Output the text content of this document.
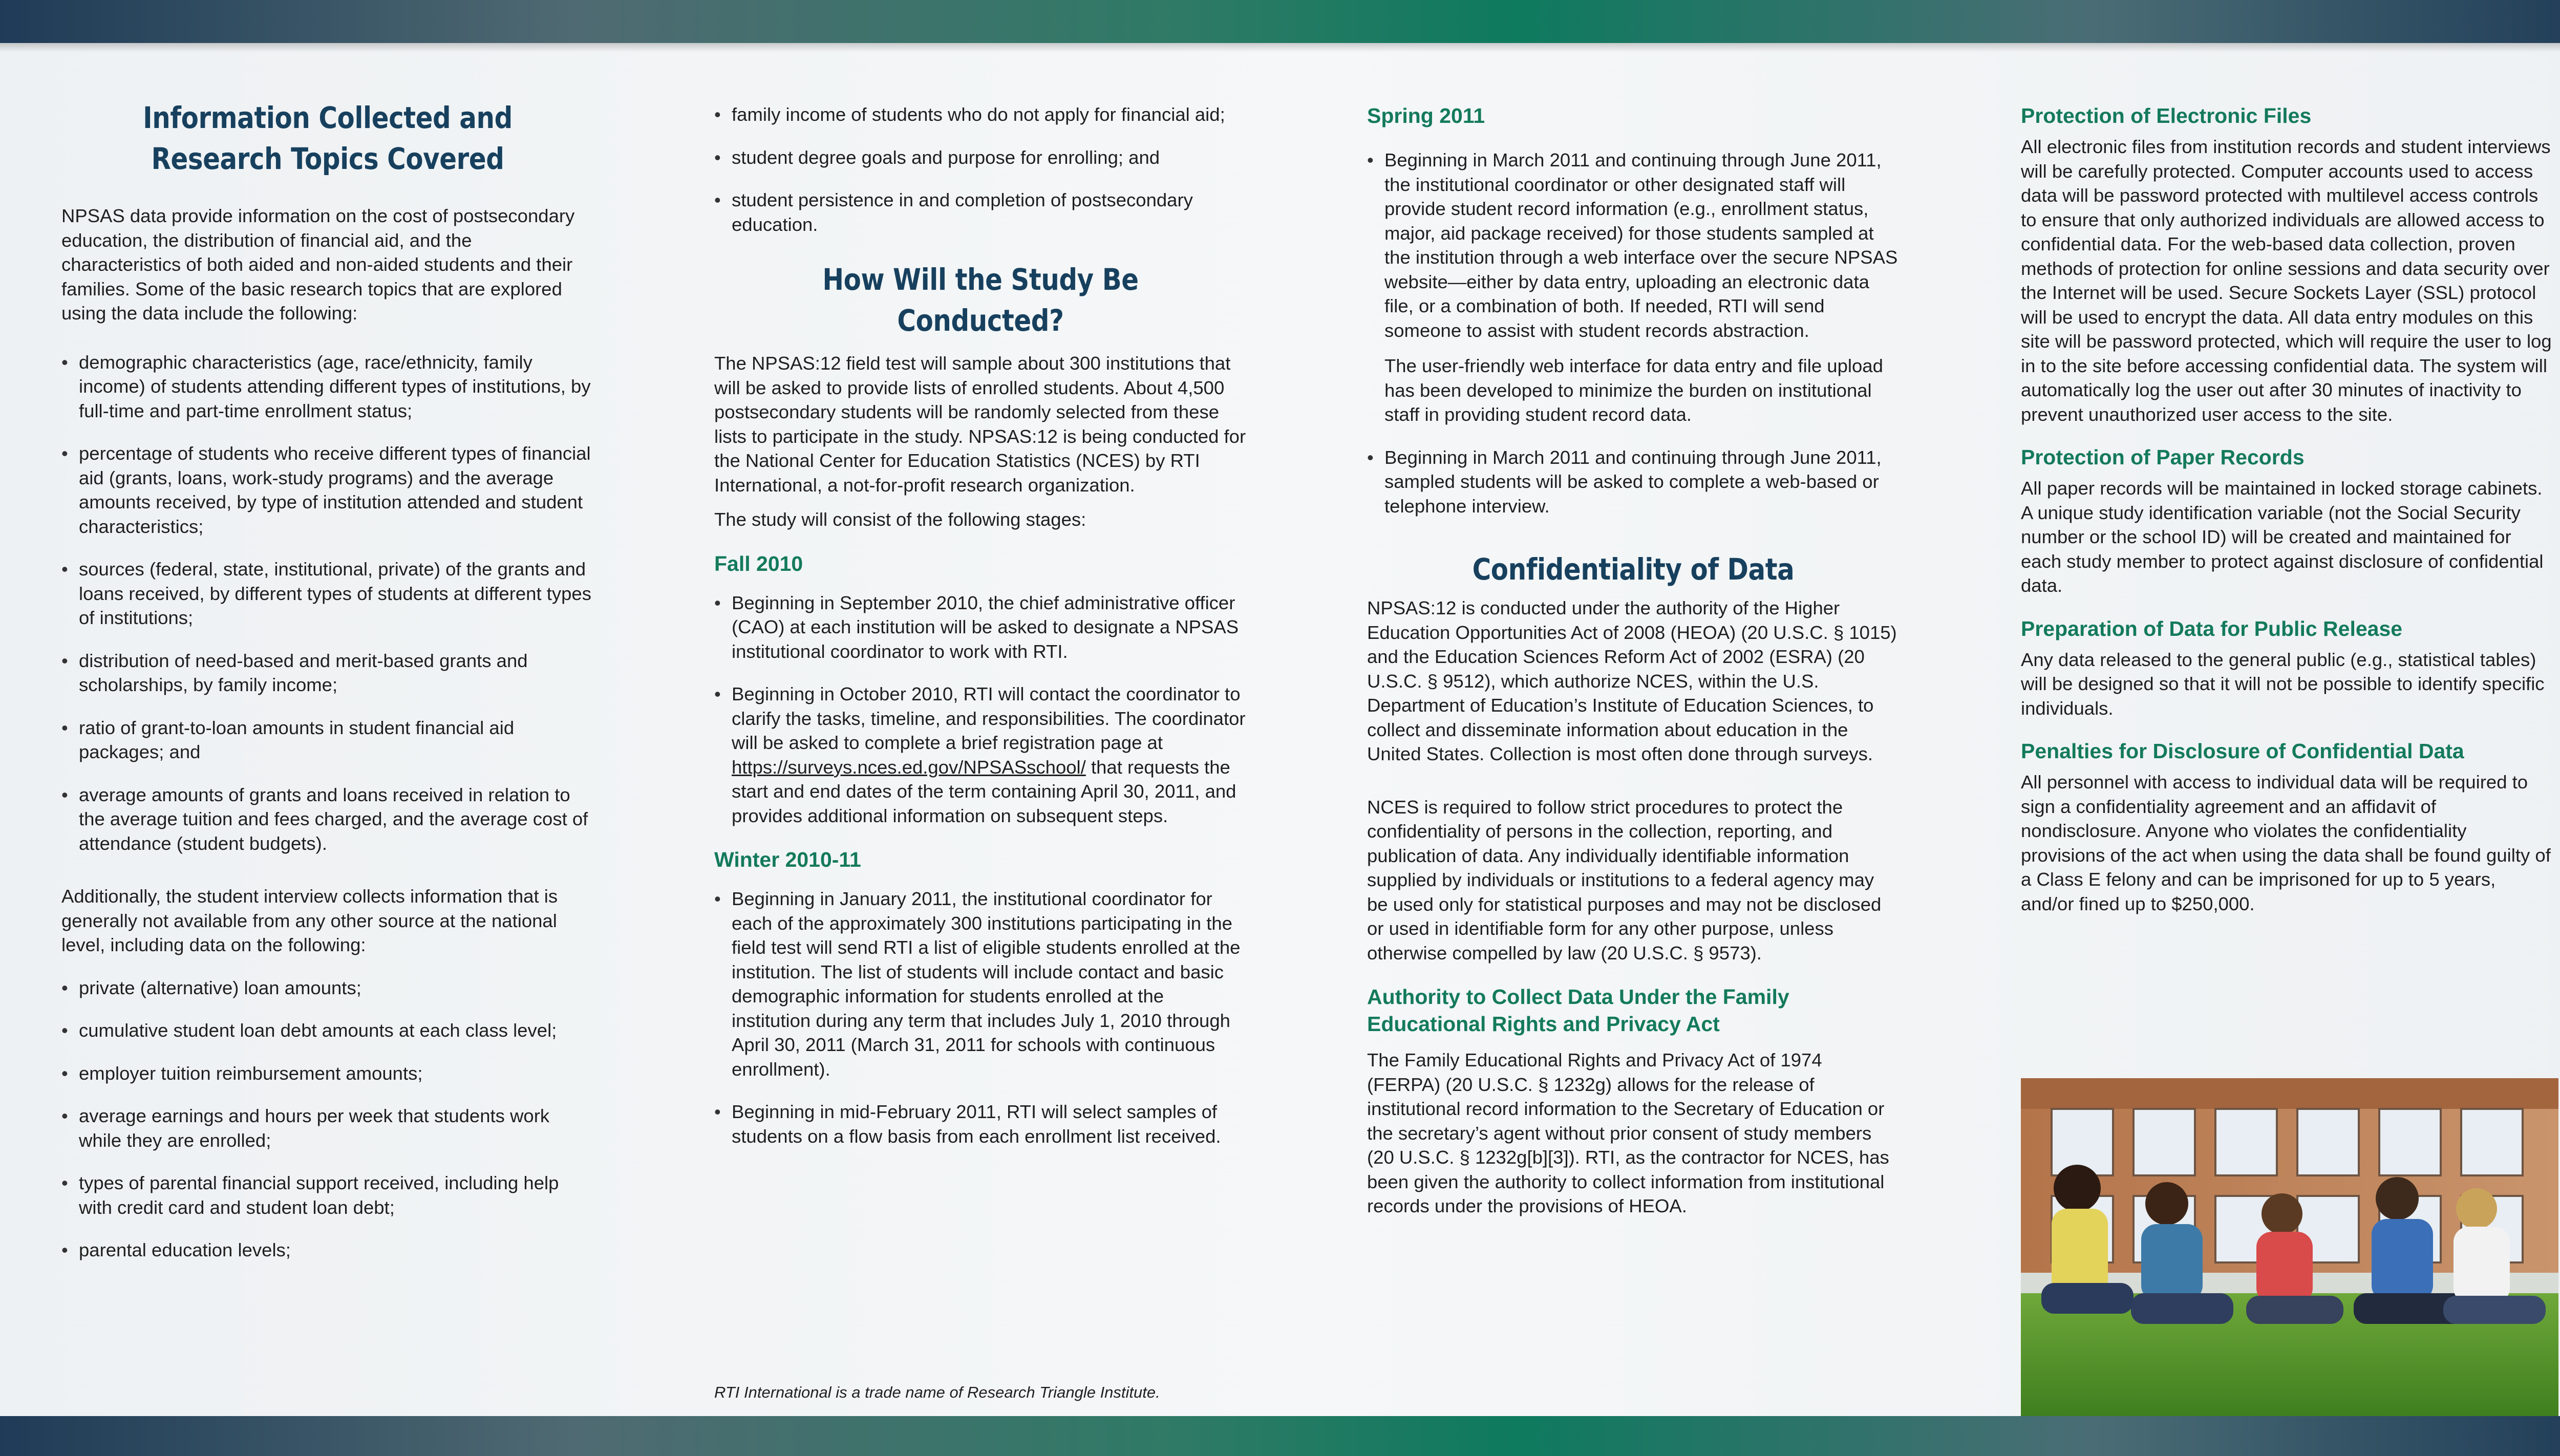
Information Collected and Research Topics Covered

NPSAS data provide information on the cost of postsecondary education, the distribution of financial aid, and the characteristics of both aided and non-aided students and their families. Some of the basic research topics that are explored using the data include the following:

• demographic characteristics (age, race/ethnicity, family income) of students attending different types of institutions, by full-time and part-time enrollment status;
• percentage of students who receive different types of financial aid (grants, loans, work-study programs) and the average amounts received, by type of institution attended and student characteristics;
• sources (federal, state, institutional, private) of the grants and loans received, by different types of students at different types of institutions;
• distribution of need-based and merit-based grants and scholarships, by family income;
• ratio of grant-to-loan amounts in student financial aid packages; and
• average amounts of grants and loans received in relation to the average tuition and fees charged, and the average cost of attendance (student budgets).

Additionally, the student interview collects information that is generally not available from any other source at the national level, including data on the following:

• private (alternative) loan amounts;
• cumulative student loan debt amounts at each class level;
• employer tuition reimbursement amounts;
• average earnings and hours per week that students work while they are enrolled;
• types of parental financial support received, including help with credit card and student loan debt;
• parental education levels;
• family income of students who do not apply for financial aid;
• student degree goals and purpose for enrolling; and
• student persistence in and completion of postsecondary education.
How Will the Study Be Conducted?

The NPSAS:12 field test will sample about 300 institutions that will be asked to provide lists of enrolled students. About 4,500 postsecondary students will be randomly selected from these lists to participate in the study. NPSAS:12 is being conducted for the National Center for Education Statistics (NCES) by RTI International, a not-for-profit research organization.

The study will consist of the following stages:

Fall 2010
• Beginning in September 2010, the chief administrative officer (CAO) at each institution will be asked to designate a NPSAS institutional coordinator to work with RTI.
• Beginning in October 2010, RTI will contact the coordinator to clarify the tasks, timeline, and responsibilities. The coordinator will be asked to complete a brief registration page at https://surveys.nces.ed.gov/NPSASschool/ that requests the start and end dates of the term containing April 30, 2011, and provides additional information on subsequent steps.
Winter 2010-11
• Beginning in January 2011, the institutional coordinator for each of the approximately 300 institutions participating in the field test will send RTI a list of eligible students enrolled at the institution. The list of students will include contact and basic demographic information for students enrolled at the institution during any term that includes July 1, 2010 through April 30, 2011 (March 31, 2011 for schools with continuous enrollment).
• Beginning in mid-February 2011, RTI will select samples of students on a flow basis from each enrollment list received.

RTI International is a trade name of Research Triangle Institute.

Spring 2011
• Beginning in March 2011 and continuing through June 2011, the institutional coordinator or other designated staff will provide student record information (e.g., enrollment status, major, aid package received) for those students sampled at the institution through a web interface over the secure NPSAS website—either by data entry, uploading an electronic data file, or a combination of both. If needed, RTI will send someone to assist with student records abstraction.
The user-friendly web interface for data entry and file upload has been developed to minimize the burden on institutional staff in providing student record data.
• Beginning in March 2011 and continuing through June 2011, sampled students will be asked to complete a web-based or telephone interview.
Confidentiality of Data

NPSAS:12 is conducted under the authority of the Higher Education Opportunities Act of 2008 (HEOA) (20 U.S.C. § 1015) and the Education Sciences Reform Act of 2002 (ESRA) (20 U.S.C. § 9512), which authorize NCES, within the U.S. Department of Education’s Institute of Education Sciences, to collect and disseminate information about education in the United States. Collection is most often done through surveys.

NCES is required to follow strict procedures to protect the confidentiality of persons in the collection, reporting, and publication of data. Any individually identifiable information supplied by individuals or institutions to a federal agency may be used only for statistical purposes and may not be disclosed or used in identifiable form for any other purpose, unless otherwise compelled by law (20 U.S.C. § 9573).

Authority to Collect Data Under the Family Educational Rights and Privacy Act

The Family Educational Rights and Privacy Act of 1974 (FERPA) (20 U.S.C. § 1232g) allows for the release of institutional record information to the Secretary of Education or the secretary’s agent without prior consent of study members (20 U.S.C. § 1232g[b][3]). RTI, as the contractor for NCES, has been given the authority to collect information from institutional records under the provisions of HEOA.

Protection of Electronic Files

All electronic files from institution records and student interviews will be carefully protected. Computer accounts used to access data will be password protected with multilevel access controls to ensure that only authorized individuals are allowed access to confidential data. For the web-based data collection, proven methods of protection for online sessions and data security over the Internet will be used. Secure Sockets Layer (SSL) protocol will be used to encrypt the data. All data entry modules on this site will be password protected, which will require the user to log in to the site before accessing confidential data. The system will automatically log the user out after 30 minutes of inactivity to prevent unauthorized user access to the site.

Protection of Paper Records

All paper records will be maintained in locked storage cabinets. A unique study identification variable (not the Social Security number or the school ID) will be created and maintained for each study member to protect against disclosure of confidential data.

Preparation of Data for Public Release

Any data released to the general public (e.g., statistical tables) will be designed so that it will not be possible to identify specific individuals.

Penalties for Disclosure of Confidential Data

All personnel with access to individual data will be required to sign a confidentiality agreement and an affidavit of nondisclosure. Anyone who violates the confidentiality provisions of the act when using the data shall be found guilty of a Class E felony and can be imprisoned for up to 5 years, and/or fined up to $250,000.
